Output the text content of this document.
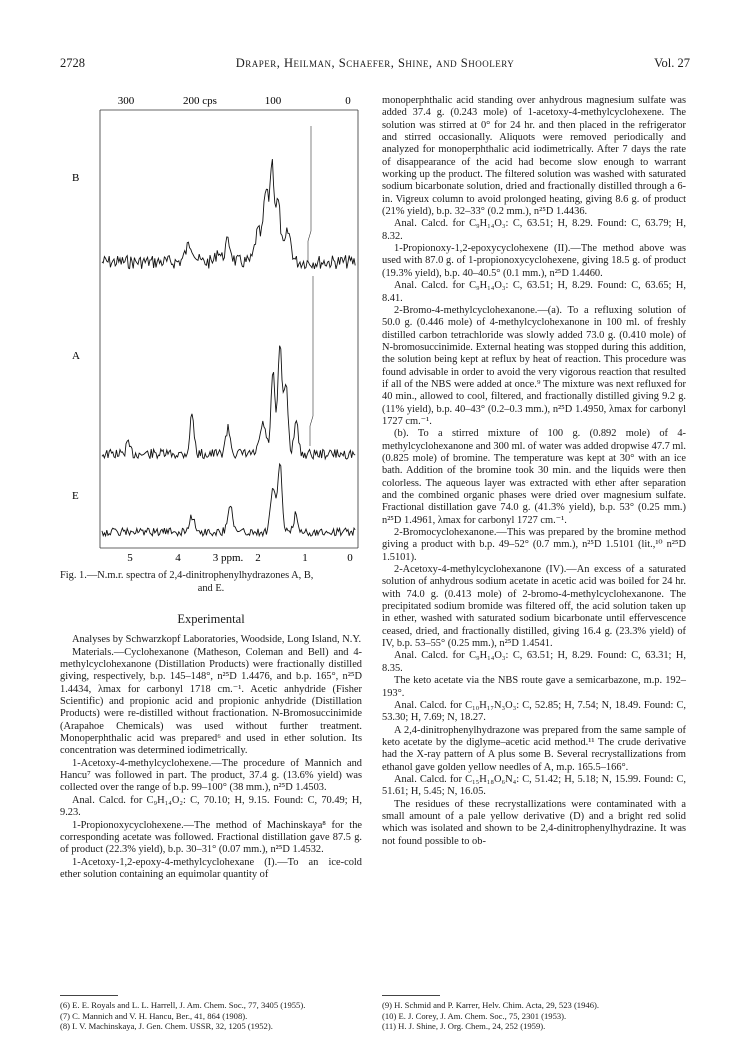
2728	Draper, Heilman, Schaefer, Shine, and Shoolery	Vol. 27
300	200 cps	100	0
B
A
E
5	4	3 ppm. 2	1	0
Fig. 1.—N.m.r. spectra of 2,4-dinitrophenylhydrazones A, B,
and E.
Experimental

Analyses by Schwarzkopf Laboratories, Woodside, Long Island, N.Y.

Materials.—Cyclohexanone (Matheson, Coleman and Bell) and 4-methylcyclohexanone (Distillation Products) were fractionally distilled giving, respectively, b.p. 145–148°, n²⁵D 1.4476, and b.p. 165°, n²⁵D 1.4434, λmax for carbonyl 1718 cm.⁻¹. Acetic anhydride (Fisher Scientific) and propionic acid and propionic anhydride (Distillation Products) were re-distilled without fractionation. N-Bromosuccinimide (Arapahoe Chemicals) was used without further treatment. Monoperphthalic acid was prepared⁶ and used in ether solution. Its concentration was determined iodimetrically.

1-Acetoxy-4-methylcyclohexene.—The procedure of Mannich and Hancu⁷ was followed in part. The product, 37.4 g. (13.6% yield) was collected over the range of b.p. 99–100° (38 mm.), n²⁵D 1.4503.

Anal. Calcd. for C₉H₁₄O₂: C, 70.10; H, 9.15. Found: C, 70.49; H, 9.23.

1-Propionoxycyclohexene.—The method of Machinskaya⁸ for the corresponding acetate was followed. Fractional distillation gave 87.5 g. of product (22.3% yield), b.p. 30–31° (0.07 mm.), n²⁵D 1.4532.

1-Acetoxy-1,2-epoxy-4-methylcyclohexane (I).—To an ice-cold ether solution containing an equimolar quantity of

monoperphthalic acid standing over anhydrous magnesium sulfate was added 37.4 g. (0.243 mole) of 1-acetoxy-4-methylcyclohexene. The solution was stirred at 0° for 24 hr. and then placed in the refrigerator and stirred occasionally. Aliquots were removed periodically and analyzed for monoperphthalic acid iodimetrically. After 7 days the rate of disappearance of the acid had become slow enough to warrant working up the product. The filtered solution was washed with saturated sodium bicarbonate solution, dried and fractionally distilled through a 6-in. Vigreux column to avoid prolonged heating, giving 8.6 g. of product (21% yield), b.p. 32–33° (0.2 mm.), n²⁵D 1.4436.

Anal. Calcd. for C₉H₁₄O₃: C, 63.51; H, 8.29. Found: C, 63.79; H, 8.32.

1-Propionoxy-1,2-epoxycyclohexene (II).—The method above was used with 87.0 g. of 1-propionoxycyclohexene, giving 18.5 g. of product (19.3% yield), b.p. 40–40.5° (0.1 mm.), n²⁵D 1.4460.

Anal. Calcd. for C₉H₁₄O₃: C, 63.51; H, 8.29. Found: C, 63.65; H, 8.41.

2-Bromo-4-methylcyclohexanone.—(a). To a refluxing solution of 50.0 g. (0.446 mole) of 4-methylcyclohexanone in 100 ml. of freshly distilled carbon tetrachloride was slowly added 73.0 g. (0.410 mole) of N-bromosuccinimide. External heating was stopped during this addition, the solution being kept at reflux by heat of reaction. This procedure was found advisable in order to avoid the very vigorous reaction that resulted if all of the NBS were added at once.⁹ The mixture was next refluxed for 40 min., allowed to cool, filtered, and fractionally distilled giving 9.2 g. (11% yield), b.p. 40–43° (0.2–0.3 mm.), n²⁵D 1.4950, λmax for carbonyl 1727 cm.⁻¹.

(b). To a stirred mixture of 100 g. (0.892 mole) of 4-methylcyclohexanone and 300 ml. of water was added dropwise 47.7 ml. (0.825 mole) of bromine. The temperature was kept at 30° with an ice bath. Addition of the bromine took 30 min. and the liquids were then colorless. The aqueous layer was extracted with ether after separation and the combined organic phases were dried over magnesium sulfate. Fractional distillation gave 74.0 g. (41.3% yield), b.p. 53° (0.25 mm.) n²⁵D 1.4961, λmax for carbonyl 1727 cm.⁻¹.

2-Bromocyclohexanone.—This was prepared by the bromine method giving a product with b.p. 49–52° (0.7 mm.), n²⁵D 1.5101 (lit.,¹⁰ n²⁵D 1.5101).

2-Acetoxy-4-methylcyclohexanone (IV).—An excess of a saturated solution of anhydrous sodium acetate in acetic acid was boiled for 24 hr. with 74.0 g. (0.413 mole) of 2-bromo-4-methylcyclohexanone. The precipitated sodium bromide was filtered off, the acid solution taken up in ether, washed with saturated sodium bicarbonate until effervescence ceased, dried, and fractionally distilled, giving 16.4 g. (23.3% yield) of IV, b.p. 53–55° (0.25 mm.), n²⁵D 1.4541.

Anal. Calcd. for C₉H₁₄O₃: C, 63.51; H, 8.29. Found: C, 63.31; H, 8.35.

The keto acetate via the NBS route gave a semicarbazone, m.p. 192–193°.

Anal. Calcd. for C₁₀H₁₇N₃O₃: C, 52.85; H, 7.54; N, 18.49. Found: C, 53.30; H, 7.69; N, 18.27.

A 2,4-dinitrophenylhydrazone was prepared from the same sample of keto acetate by the diglyme–acetic acid method.¹¹ The crude derivative had the X-ray pattern of A plus some B. Several recrystallizations from ethanol gave golden yellow needles of A, m.p. 165.5–166°.

Anal. Calcd. for C₁₅H₁₈O₆N₄: C, 51.42; H, 5.18; N, 15.99. Found: C, 51.61; H, 5.45; N, 16.05.

The residues of these recrystallizations were contaminated with a small amount of a pale yellow derivative (D) and a bright red solid which was isolated and shown to be 2,4-dinitrophenylhydrazine. It was not found possible to ob-

(6) E. E. Royals and L. L. Harrell, J. Am. Chem. Soc., 77, 3405 (1955).
(7) C. Mannich and V. H. Hancu, Ber., 41, 864 (1908).
(8) I. V. Machinskaya, J. Gen. Chem. USSR, 32, 1205 (1952).
(9) H. Schmid and P. Karrer, Helv. Chim. Acta, 29, 523 (1946).
(10) E. J. Corey, J. Am. Chem. Soc., 75, 2301 (1953).
(11) H. J. Shine, J. Org. Chem., 24, 252 (1959).
